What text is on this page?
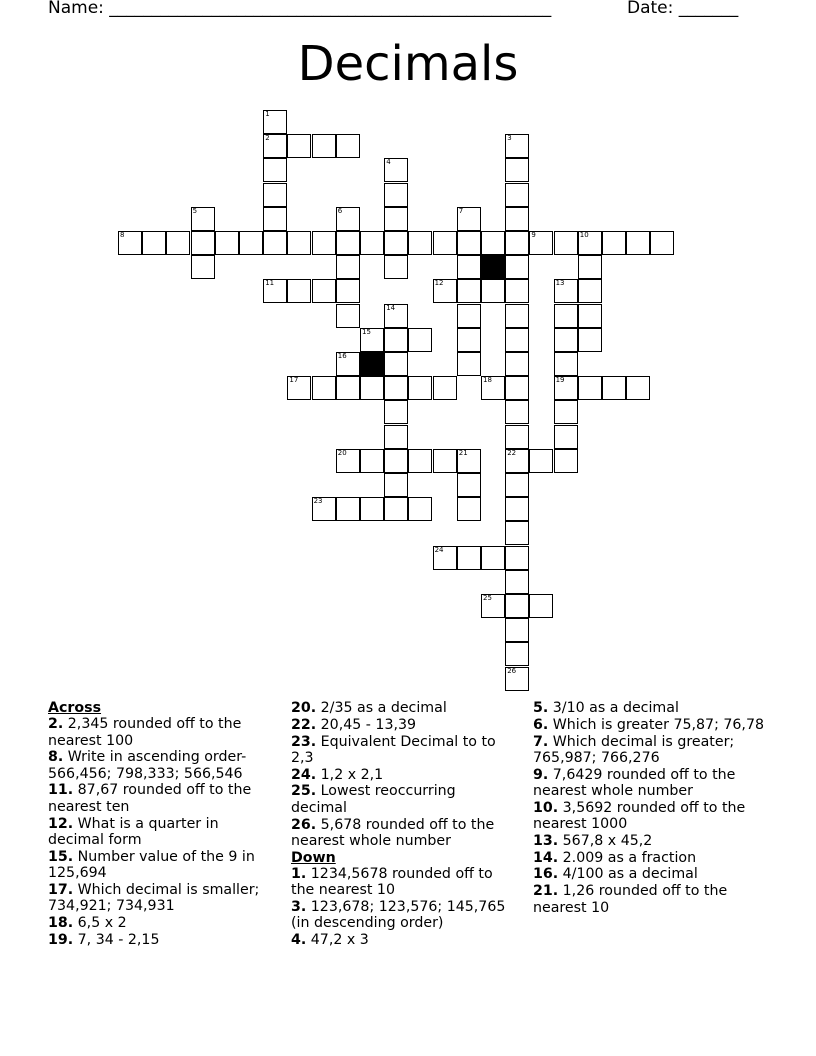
Name: ____________________________________________________	Date: _______
Decimals
1
2	3
4
5	6	7
8	9	10
11	12	13
14
15
16
17	18	19
20	21	22
23
24
25
26
Across
2. 2,345 rounded off to the nearest 100
8. Write in ascending order- 566,456; 798,333; 566,546
11. 87,67 rounded off to the nearest ten
12. What is a quarter in decimal form
15. Number value of the 9 in 125,694
17. Which decimal is smaller; 734,921; 734,931
18. 6,5 x 2
19. 7, 34 - 2,15
20. 2/35 as a decimal
22. 20,45 - 13,39
23. Equivalent Decimal to to 2,3
24. 1,2 x 2,1
25. Lowest reoccurring decimal
26. 5,678 rounded off to the nearest whole number
Down
1. 1234,5678 rounded off to the nearest 10
3. 123,678; 123,576; 145,765 (in descending order)
4. 47,2 x 3
5. 3/10 as a decimal
6. Which is greater 75,87; 76,78
7. Which decimal is greater; 765,987; 766,276
9. 7,6429 rounded off to the nearest whole number
10. 3,5692 rounded off to the nearest 1000
13. 567,8 x 45,2
14. 2.009 as a fraction
16. 4/100 as a decimal
21. 1,26 rounded off to the nearest 10
